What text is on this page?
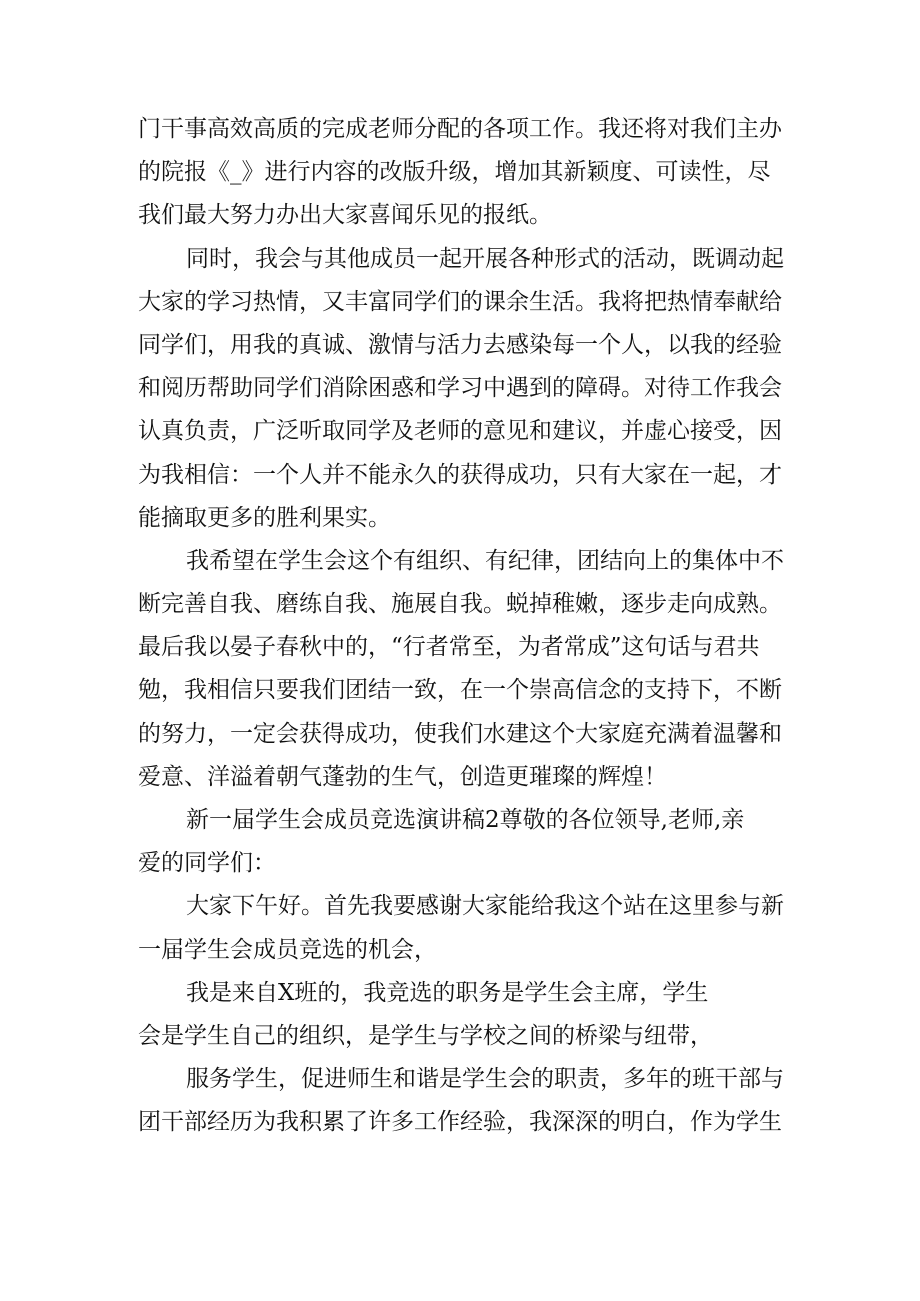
门干事高效高质的完成老师分配的各项工作。我还将对我们主办
的院报《_》进行内容的改版升级，增加其新颖度、可读性，尽
我们最大努力办出大家喜闻乐见的报纸。
同时，我会与其他成员一起开展各种形式的活动，既调动起
大家的学习热情，又丰富同学们的课余生活。我将把热情奉献给
同学们，用我的真诚、激情与活力去感染每一个人，以我的经验
和阅历帮助同学们消除困惑和学习中遇到的障碍。对待工作我会
认真负责，广泛听取同学及老师的意见和建议，并虚心接受，因
为我相信：一个人并不能永久的获得成功，只有大家在一起，才
能摘取更多的胜利果实。
我希望在学生会这个有组织、有纪律，团结向上的集体中不
断完善自我、磨练自我、施展自我。蜕掉稚嫩，逐步走向成熟。
最后我以晏子春秋中的，“行者常至，为者常成”这句话与君共
勉，我相信只要我们团结一致，在一个崇高信念的支持下，不断
的努力，一定会获得成功，使我们水建这个大家庭充满着温馨和
爱意、洋溢着朝气蓬勃的生气，创造更璀璨的辉煌！
新一届学生会成员竞选演讲稿2尊敬的各位领导,老师,亲
爱的同学们：
大家下午好。首先我要感谢大家能给我这个站在这里参与新
一届学生会成员竞选的机会，
我是来自X班的，我竞选的职务是学生会主席，学生
会是学生自己的组织，是学生与学校之间的桥梁与纽带，
服务学生，促进师生和谐是学生会的职责，多年的班干部与
团干部经历为我积累了许多工作经验，我深深的明白，作为学生
